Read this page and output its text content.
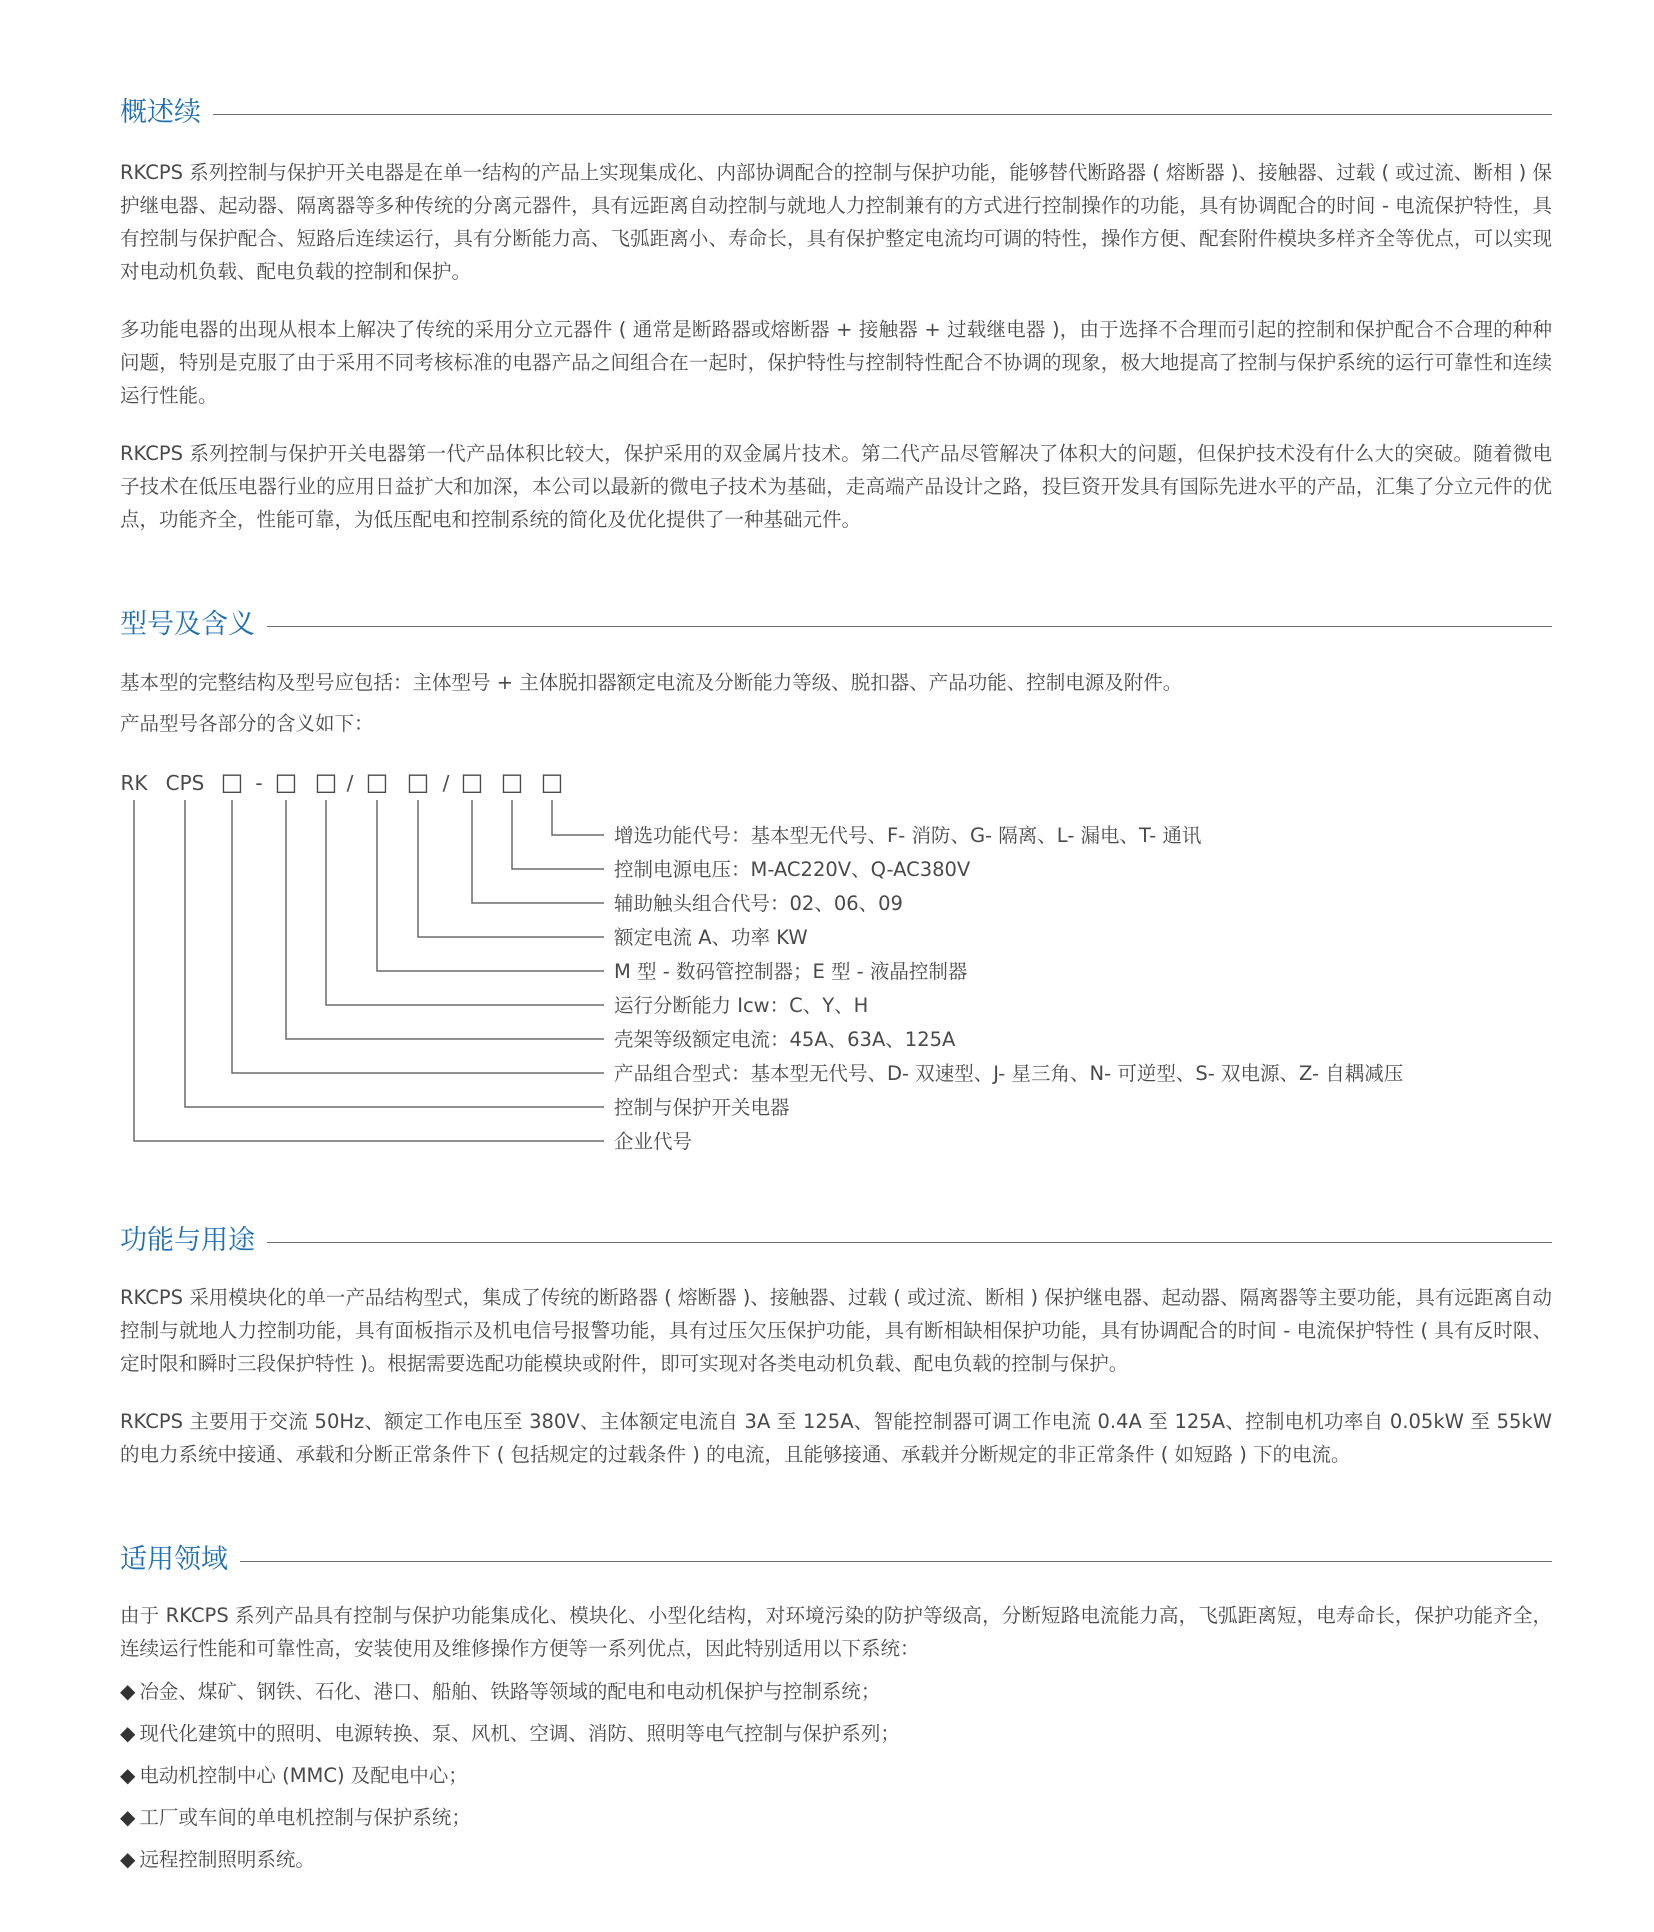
概述续

RKCPS 系列控制与保护开关电器是在单一结构的产品上实现集成化、内部协调配合的控制与保护功能，能够替代断路器 ( 熔断器 )、接触器、过载 ( 或过流、断相 ) 保护继电器、起动器、隔离器等多种传统的分离元器件，具有远距离自动控制与就地人力控制兼有的方式进行控制操作的功能，具有协调配合的时间 - 电流保护特性，具有控制与保护配合、短路后连续运行，具有分断能力高、飞弧距离小、寿命长，具有保护整定电流均可调的特性，操作方便、配套附件模块多样齐全等优点，可以实现对电动机负载、配电负载的控制和保护。

多功能电器的出现从根本上解决了传统的采用分立元器件 ( 通常是断路器或熔断器 + 接触器 + 过载继电器 )，由于选择不合理而引起的控制和保护配合不合理的种种问题，特别是克服了由于采用不同考核标准的电器产品之间组合在一起时，保护特性与控制特性配合不协调的现象，极大地提高了控制与保护系统的运行可靠性和连续运行性能。

RKCPS 系列控制与保护开关电器第一代产品体积比较大，保护采用的双金属片技术。第二代产品尽管解决了体积大的问题，但保护技术没有什么大的突破。随着微电子技术在低压电器行业的应用日益扩大和加深，本公司以最新的微电子技术为基础，走高端产品设计之路，投巨资开发具有国际先进水平的产品，汇集了分立元件的优点，功能齐全，性能可靠，为低压配电和控制系统的简化及优化提供了一种基础元件。

型号及含义

基本型的完整结构及型号应包括：主体型号 + 主体脱扣器额定电流及分断能力等级、脱扣器、产品功能、控制电源及附件。

产品型号各部分的含义如下：

RK CPS □ - □ □ / □ □ / □ □ □
增选功能代号：基本型无代号、F- 消防、G- 隔离、L- 漏电、T- 通讯
控制电源电压：M-AC220V、Q-AC380V
辅助触头组合代号：02、06、09
额定电流 A、功率 KW
M 型 - 数码管控制器；E 型 - 液晶控制器
运行分断能力 Icw：C、Y、H
壳架等级额定电流：45A、63A、125A
产品组合型式：基本型无代号、D- 双速型、J- 星三角、N- 可逆型、S- 双电源、Z- 自耦减压
控制与保护开关电器
企业代号
功能与用途

RKCPS 采用模块化的单一产品结构型式，集成了传统的断路器 ( 熔断器 )、接触器、过载 ( 或过流、断相 ) 保护继电器、起动器、隔离器等主要功能，具有远距离自动控制与就地人力控制功能，具有面板指示及机电信号报警功能，具有过压欠压保护功能，具有断相缺相保护功能，具有协调配合的时间 - 电流保护特性 ( 具有反时限、定时限和瞬时三段保护特性 )。根据需要选配功能模块或附件，即可实现对各类电动机负载、配电负载的控制与保护。

RKCPS 主要用于交流 50Hz、额定工作电压至 380V、主体额定电流自 3A 至 125A、智能控制器可调工作电流 0.4A 至 125A、控制电机功率自 0.05kW 至 55kW 的电力系统中接通、承载和分断正常条件下 ( 包括规定的过载条件 ) 的电流，且能够接通、承载并分断规定的非正常条件 ( 如短路 ) 下的电流。

适用领域

由于 RKCPS 系列产品具有控制与保护功能集成化、模块化、小型化结构，对环境污染的防护等级高，分断短路电流能力高，飞弧距离短，电寿命长，保护功能齐全，连续运行性能和可靠性高，安装使用及维修操作方便等一系列优点，因此特别适用以下系统：

◆ 冶金、煤矿、钢铁、石化、港口、船舶、铁路等领域的配电和电动机保护与控制系统；
◆ 现代化建筑中的照明、电源转换、泵、风机、空调、消防、照明等电气控制与保护系列；
◆ 电动机控制中心 (MMC) 及配电中心；
◆ 工厂或车间的单电机控制与保护系统；
◆ 远程控制照明系统。
